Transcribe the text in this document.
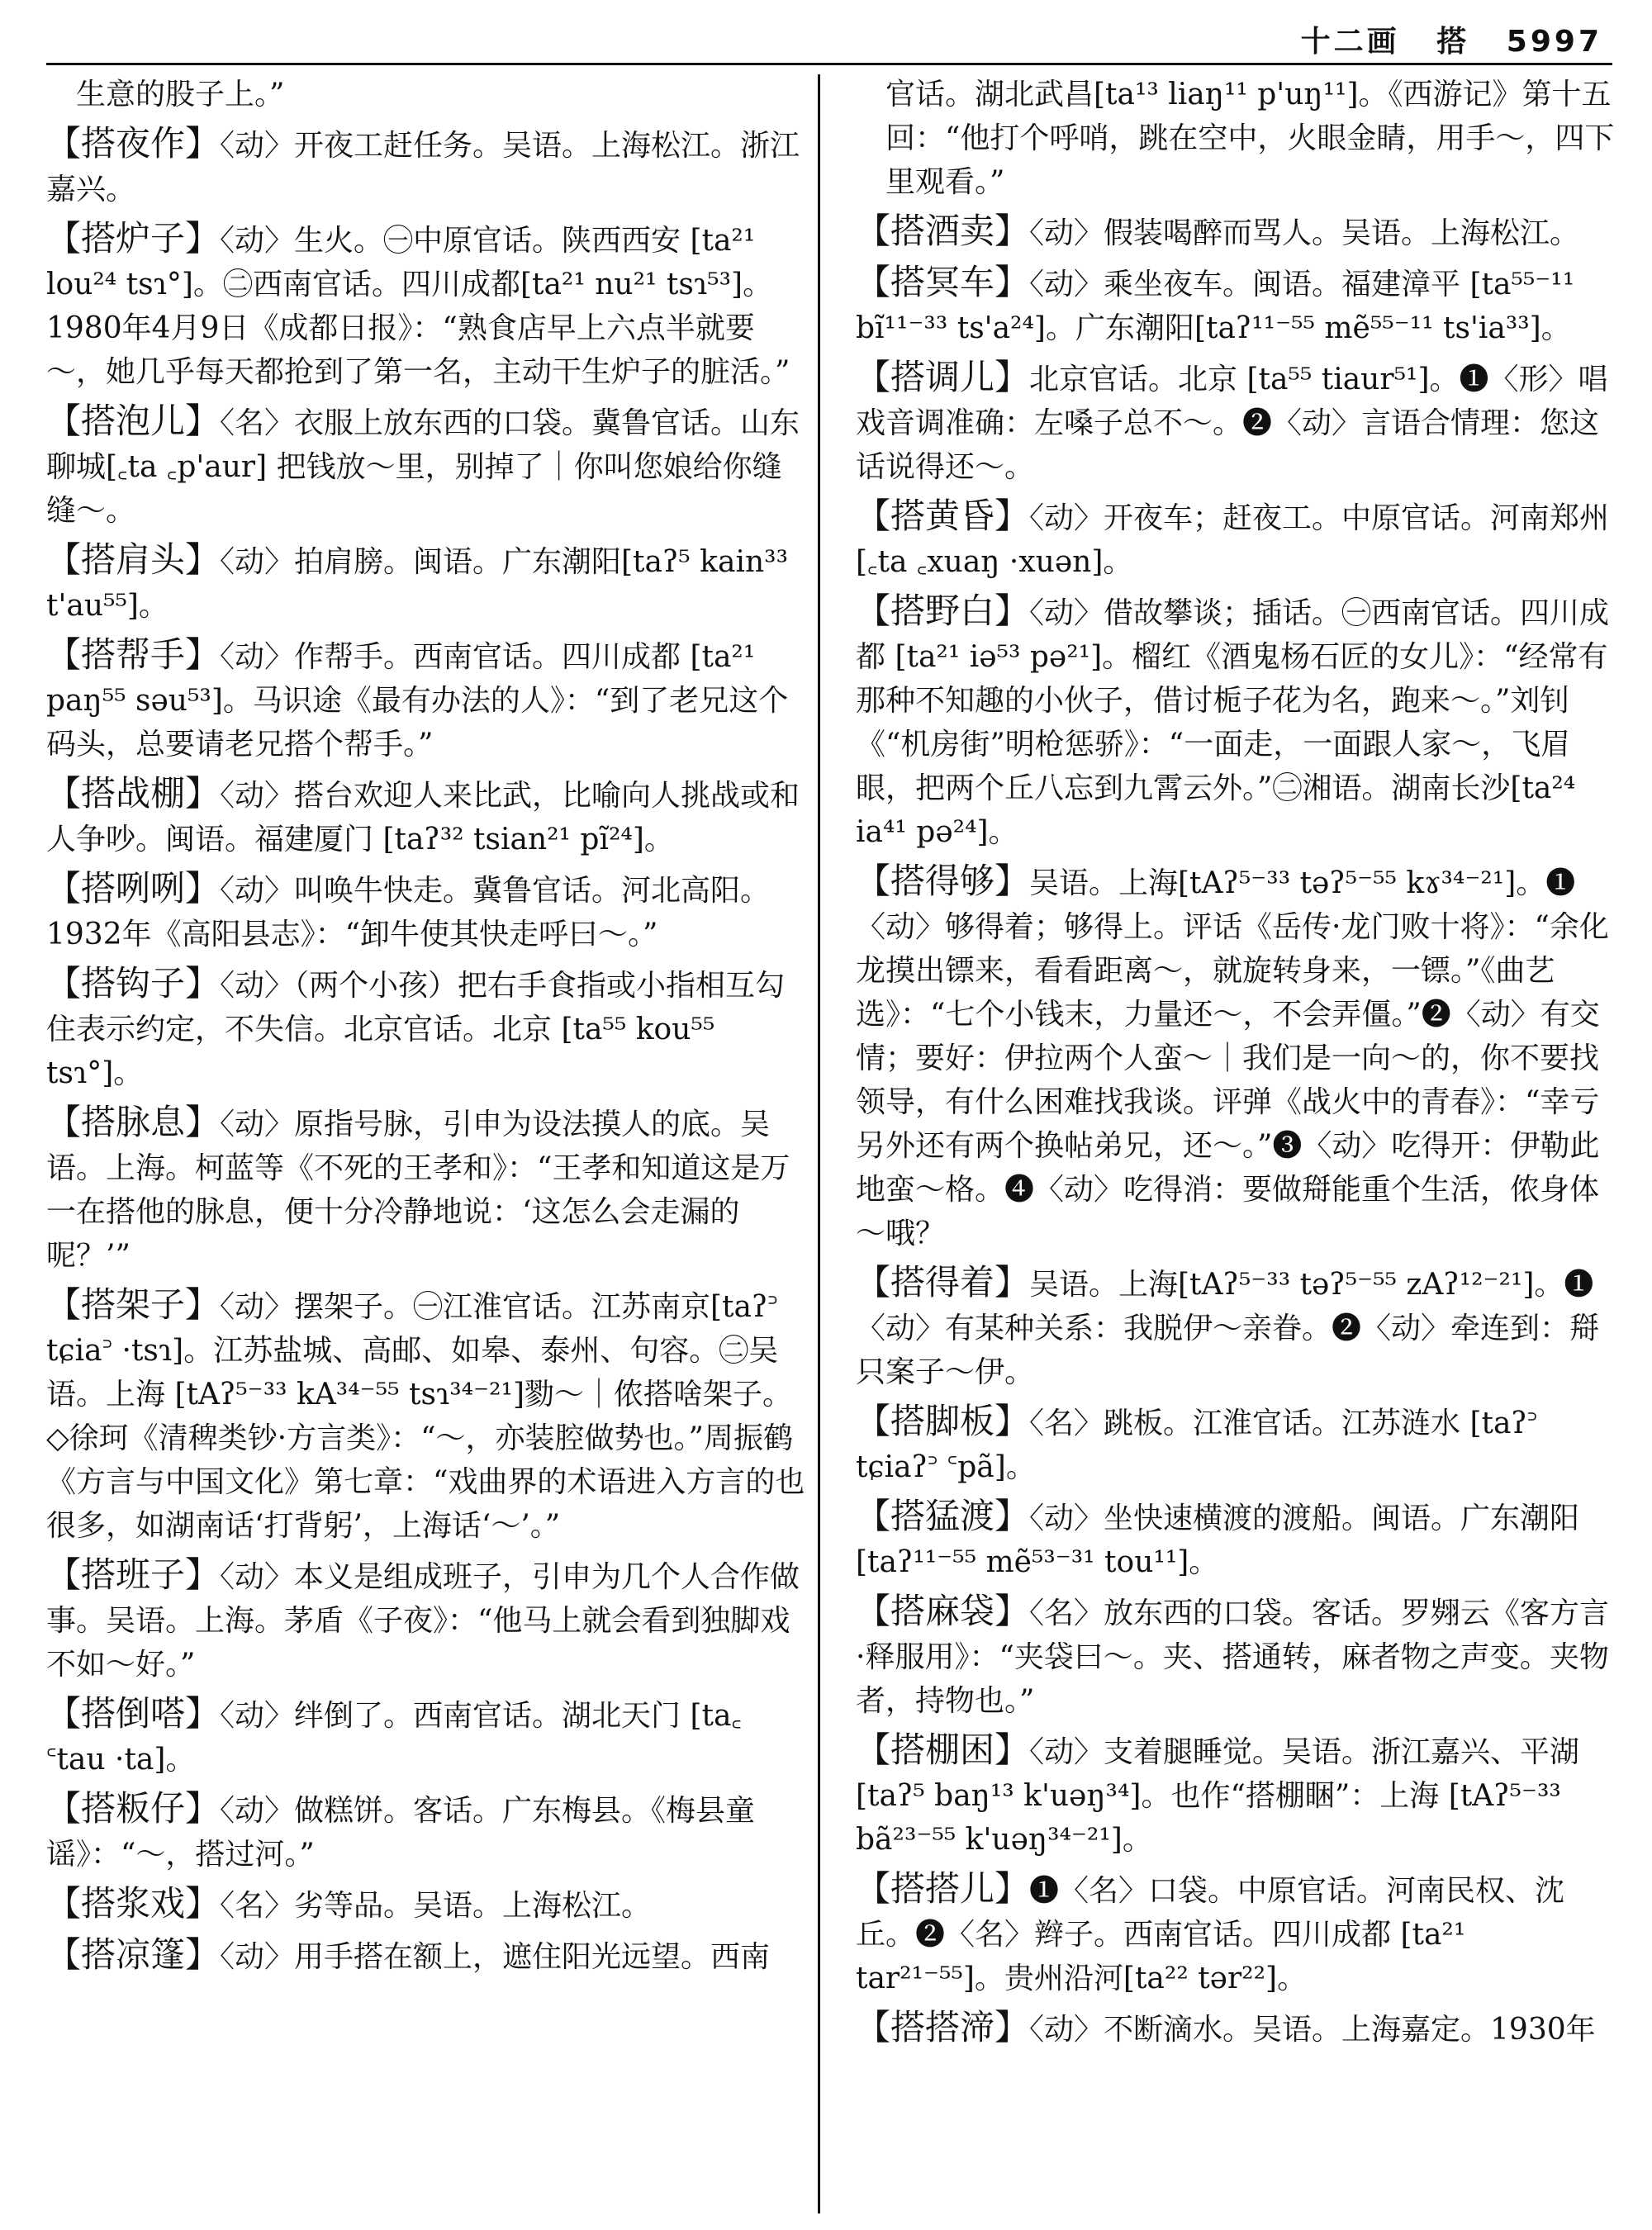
十二画 搭 5997
生意的股子上。”
【搭夜作】〈动〉开夜工赶任务。吴语。上海松江。浙江嘉兴。
【搭炉子】〈动〉生火。㊀中原官话。陕西西安 [ta²¹ lou²⁴ tsɿ°]。㊁西南官话。四川成都[ta²¹ nu²¹ tsɿ⁵³]。1980年4月9日《成都日报》：“熟食店早上六点半就要～，她几乎每天都抢到了第一名，主动干生炉子的脏活。”
【搭泡儿】〈名〉衣服上放东西的口袋。冀鲁官话。山东聊城[꜀ta ꜀p'aur] 把钱放～里，别掉了｜你叫您娘给你缝缝～。
【搭肩头】〈动〉拍肩膀。闽语。广东潮阳[taʔ⁵ kain³³ t'au⁵⁵]。
【搭帮手】〈动〉作帮手。西南官话。四川成都 [ta²¹ paŋ⁵⁵ səu⁵³]。马识途《最有办法的人》：“到了老兄这个码头，总要请老兄搭个帮手。”
【搭战棚】〈动〉搭台欢迎人来比武，比喻向人挑战或和人争吵。闽语。福建厦门 [taʔ³² tsian²¹ pĩ²⁴]。
【搭咧咧】〈动〉叫唤牛快走。冀鲁官话。河北高阳。1932年《高阳县志》：“卸牛使其快走呼曰～。”
【搭钩子】〈动〉（两个小孩）把右手食指或小指相互勾住表示约定，不失信。北京官话。北京 [ta⁵⁵ kou⁵⁵ tsɿ°]。
【搭脉息】〈动〉原指号脉，引申为设法摸人的底。吴语。上海。柯蓝等《不死的王孝和》：“王孝和知道这是万一在搭他的脉息，便十分冷静地说：‘这怎么会走漏的呢？’”
【搭架子】〈动〉摆架子。㊀江淮官话。江苏南京[taʔ꜄ tɕia꜄ ·tsɿ]。江苏盐城、高邮、如皋、泰州、句容。㊁吴语。上海 [tAʔ⁵⁻³³ kA³⁴⁻⁵⁵ tsɿ³⁴⁻²¹]勠～｜侬搭啥架子。◇徐珂《清稗类钞·方言类》：“～，亦装腔做势也。”周振鹤《方言与中国文化》第七章：“戏曲界的术语进入方言的也很多，如湖南话‘打背躬’，上海话‘～’。”
【搭班子】〈动〉本义是组成班子，引申为几个人合作做事。吴语。上海。茅盾《子夜》：“他马上就会看到独脚戏不如～好。”
【搭倒嗒】〈动〉绊倒了。西南官话。湖北天门 [ta꜀ ꜂tau ·ta]。
【搭粄仔】〈动〉做糕饼。客话。广东梅县。《梅县童谣》：“～，搭过河。”
【搭浆戏】〈名〉劣等品。吴语。上海松江。
【搭凉篷】〈动〉用手搭在额上，遮住阳光远望。西南
官话。湖北武昌[ta¹³ liaŋ¹¹ p'uŋ¹¹]。《西游记》第十五回：“他打个呼哨，跳在空中，火眼金睛，用手～，四下里观看。”
【搭酒卖】〈动〉假装喝醉而骂人。吴语。上海松江。
【搭冥车】〈动〉乘坐夜车。闽语。福建漳平 [ta⁵⁵⁻¹¹ bĩ¹¹⁻³³ ts'a²⁴]。广东潮阳[taʔ¹¹⁻⁵⁵ mẽ⁵⁵⁻¹¹ ts'ia³³]。
【搭调儿】北京官话。北京 [ta⁵⁵ tiaur⁵¹]。❶〈形〉唱戏音调准确：左嗓子总不～。❷〈动〉言语合情理：您这话说得还～。
【搭黄昏】〈动〉开夜车；赶夜工。中原官话。河南郑州[꜀ta ꜀xuaŋ ·xuən]。
【搭野白】〈动〉借故攀谈；插话。㊀西南官话。四川成都 [ta²¹ iə⁵³ pə²¹]。榴红《酒鬼杨石匠的女儿》：“经常有那种不知趣的小伙子，借讨栀子花为名，跑来～。”刘钊《“机房街”明枪惩骄》：“一面走，一面跟人家～，飞眉眼，把两个丘八忘到九霄云外。”㊁湘语。湖南长沙[ta²⁴ ia⁴¹ pə²⁴]。
【搭得够】吴语。上海[tAʔ⁵⁻³³ təʔ⁵⁻⁵⁵ kɤ³⁴⁻²¹]。❶〈动〉够得着；够得上。评话《岳传·龙门败十将》：“余化龙摸出镖来，看看距离～，就旋转身来，一镖。”《曲艺选》：“七个小钱末，力量还～，不会弄僵。”❷〈动〉有交情；要好：伊拉两个人蛮～｜我们是一向～的，你不要找领导，有什么困难找我谈。评弹《战火中的青春》：“幸亏另外还有两个换帖弟兄，还～。”❸〈动〉吃得开：伊勒此地蛮～格。❹〈动〉吃得消：要做搿能重个生活，侬身体～哦？
【搭得着】吴语。上海[tAʔ⁵⁻³³ təʔ⁵⁻⁵⁵ zAʔ¹²⁻²¹]。❶〈动〉有某种关系：我脱伊～亲眷。❷〈动〉牵连到：搿只案子～伊。
【搭脚板】〈名〉跳板。江淮官话。江苏涟水 [taʔ꜄ tɕiaʔ꜄ ꜂pã]。
【搭猛渡】〈动〉坐快速横渡的渡船。闽语。广东潮阳[taʔ¹¹⁻⁵⁵ mẽ⁵³⁻³¹ tou¹¹]。
【搭麻袋】〈名〉放东西的口袋。客话。罗翙云《客方言·释服用》：“夹袋曰～。夹、搭通转，麻者物之声变。夹物者，持物也。”
【搭棚困】〈动〉支着腿睡觉。吴语。浙江嘉兴、平湖[taʔ⁵ baŋ¹³ k'uəŋ³⁴]。也作“搭棚睏”：上海 [tAʔ⁵⁻³³ bã²³⁻⁵⁵ k'uəŋ³⁴⁻²¹]。
【搭搭儿】❶〈名〉口袋。中原官话。河南民权、沈丘。❷〈名〉辫子。西南官话。四川成都 [ta²¹ tar²¹⁻⁵⁵]。贵州沿河[ta²² tər²²]。
【搭搭渧】〈动〉不断滴水。吴语。上海嘉定。1930年
